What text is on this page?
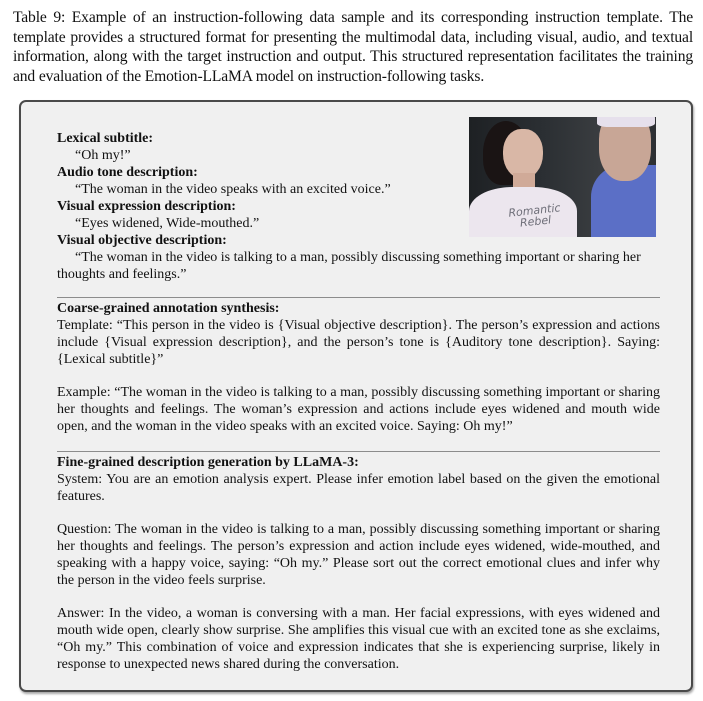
Table 9: Example of an instruction-following data sample and its corresponding instruction template. The template provides a structured format for presenting the multimodal data, including visual, audio, and textual information, along with the target instruction and output. This structured representation facilitates the training and evaluation of the Emotion-LLaMA model on instruction-following tasks.
Romantic Rebel
Lexical subtitle:
“Oh my!”
Audio tone description:
“The woman in the video speaks with an excited voice.”
Visual expression description:
“Eyes widened, Wide-mouthed.”
Visual objective description:
“The woman in the video is talking to a man, possibly discussing something important or sharing her thoughts and feelings.”
Coarse-grained annotation synthesis:
Template: “This person in the video is {Visual objective description}. The person’s expression and actions include {Visual expression description}, and the person’s tone is {Auditory tone description}. Saying: {Lexical subtitle}”
Example: “The woman in the video is talking to a man, possibly discussing something important or sharing her thoughts and feelings. The woman’s expression and actions include eyes widened and mouth wide open, and the woman in the video speaks with an excited voice. Saying: Oh my!”
Fine-grained description generation by LLaMA-3:
System: You are an emotion analysis expert. Please infer emotion label based on the given the emotional features.
Question: The woman in the video is talking to a man, possibly discussing something important or sharing her thoughts and feelings. The person’s expression and action include eyes widened, wide-mouthed, and speaking with a happy voice, saying: “Oh my.” Please sort out the correct emotional clues and infer why the person in the video feels surprise.
Answer: In the video, a woman is conversing with a man. Her facial expressions, with eyes widened and mouth wide open, clearly show surprise. She amplifies this visual cue with an excited tone as she exclaims, “Oh my.” This combination of voice and expression indicates that she is experiencing surprise, likely in response to unexpected news shared during the conversation.
